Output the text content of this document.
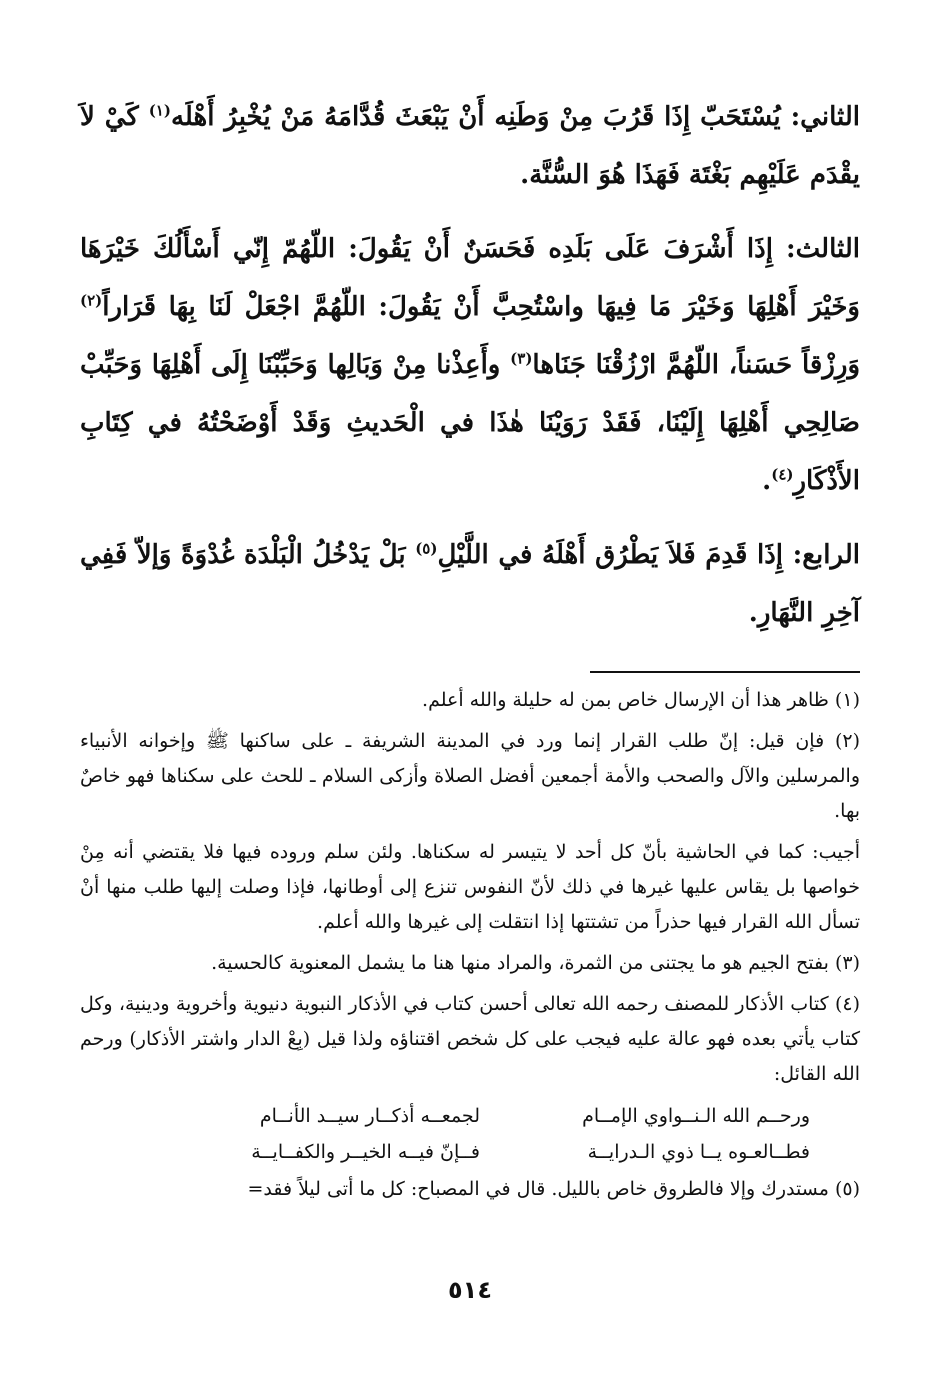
الثاني: يُسْتَحَبّ إِذَا قَرُبَ مِنْ وَطَنِه أَنْ يَبْعَثَ قُدَّامَهُ مَنْ يُخْبِرُ أَهْلَه$^{(١)}$ كَيْ لاَ يقْدَم عَلَيْهِم بَغْتَة فَهَذَا هُوَ السُّنَّة.

الثالث: إِذَا أَشْرَفَ عَلَى بَلَدِه فَحَسَنٌ أَنْ يَقُولَ: اللّهُمّ إِنّي أَسْأَلُكَ خَيْرَهَا وَخَيْرَ أَهْلِهَا وَخَيْرَ مَا فِيهَا واسْتُحِبَّ أَنْ يَقُولَ: اللّهُمَّ اجْعَلْ لَنَا بِهَا قَرَاراً$^{(٢)}$ وَرِزْقاً حَسَناً، اللّهُمَّ ارْزُقْنَا جَنَاها$^{(٣)}$ وأَعِذْنا مِنْ وَبَالِها وَحَبِّبْنَا إِلَى أَهْلِهَا وَحَبِّبْ صَالِحِي أَهْلِهَا إِلَيْنَا، فَقَدْ رَوَيْنَا هٰذَا في الْحَديثِ وَقَدْ أَوْضَحْتُهُ في كِتَابِ الأَذْكَارِ$^{(٤)}$.

الرابع: إِذَا قَدِمَ فَلاَ يَطْرُق أَهْلَهُ في اللَّيْلِ$^{(٥)}$ بَلْ يَدْخُلُ الْبَلْدَة غُدْوَةً وَإلاّ فَفِي آخِرِ النَّهَارِ.

(١) ظاهر هذا أن الإرسال خاص بمن له حليلة والله أعلم.

(٢) فإن قيل: إنّ طلب القرار إنما ورد في المدينة الشريفة ـ على ساكنها ﷺ وإخوانه الأنبياء والمرسلين والآل والصحب والأمة أجمعين أفضل الصلاة وأزكى السلام ـ للحث على سكناها فهو خاصٌ بها.

أجيب: كما في الحاشية بأنّ كل أحد لا يتيسر له سكناها. ولئن سلم وروده فيها فلا يقتضي أنه مِنْ خواصها بل يقاس عليها غيرها في ذلك لأنّ النفوس تنزع إلى أوطانها، فإذا وصلت إليها طلب منها أنْ تسأل الله القرار فيها حذراً من تشتتها إذا انتقلت إلى غيرها والله أعلم.

(٣) بفتح الجيم هو ما يجتنى من الثمرة، والمراد منها هنا ما يشمل المعنوية كالحسية.

(٤) كتاب الأذكار للمصنف رحمه الله تعالى أحسن كتاب في الأذكار النبوية دنيوية وأخروية ودينية، وكل كتاب يأتي بعده فهو عالة عليه فيجب على كل شخص اقتناؤه ولذا قيل (بِعْ الدار واشتر الأذكار) ورحم الله القائل:

ورحــم الله الـنــواوي الإمــام
لجمعــه أذكــار سيــد الأنــام
فطــالعـوه يــا ذوي الـدرايــة
فــإنّ فيــه الخيــر والكفــايــة

(٥) مستدرك وإلا فالطروق خاص بالليل. قال في المصباح: كل ما أتى ليلاً فقد=

٥١٤
